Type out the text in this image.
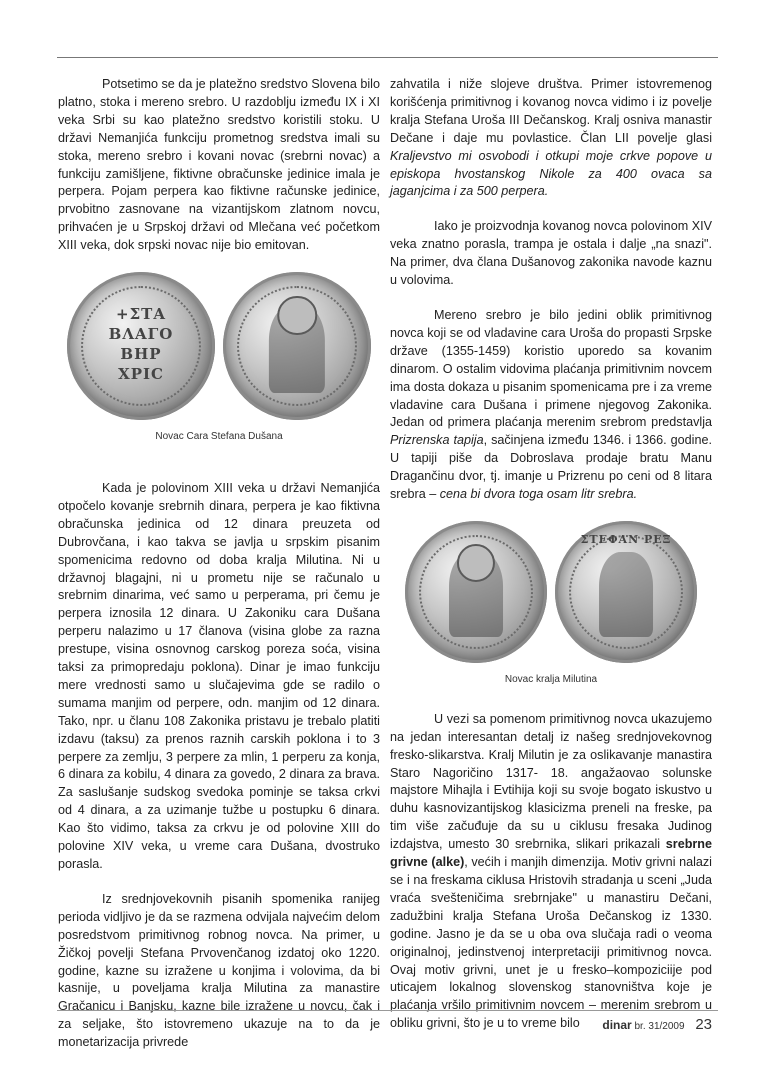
Potsetimo se da je platežno sredstvo Slovena bilo platno, stoka i mereno srebro. U razdoblju između IX i XI veka Srbi su kao platežno sredstvo koristili stoku. U državi Nemanjića funkciju prometnog sredstva imali su stoka, mereno srebro i kovani novac (srebrni novac) a funkciju zamišljene, fiktivne obračunske jedinice imala je perpera. Pojam perpera kao fiktivne računske jedinice, prvobitno zasnovane na vizantijskom zlatnom novcu, prihvaćen je u Srpskoj državi od Mlečana već početkom XIII veka, dok srpski novac nije bio emitovan.

+ΣΤΑ
ΒΛΑΓΟ
ΒΗΡ
ΧΡΙС
Novac Cara Stefana Dušana

Kada je polovinom XIII veka u državi Nemanjića otpočelo kovanje srebrnih dinara, perpera je kao fiktivna obračunska jedinica od 12 dinara preuzeta od Dubrovčana, i kao takva se javlja u srpskim pisanim spomenicima redovno od doba kralja Milutina. Ni u državnoj blagajni, ni u prometu nije se računalo u srebrnim dinarima, već samo u perperama, pri čemu je perpera iznosila 12 dinara. U Zakoniku cara Dušana perperu nalazimo u 17 članova (visina globe za razna prestupe, visina osnovnog carskog poreza soća, visina taksi za primopredaju poklona). Dinar je imao funkciju mere vrednosti samo u slučajevima gde se radilo o sumama manjim od perpere, odn. manjim od 12 dinara. Tako, npr. u članu 108 Zakonika pristavu je trebalo platiti izdavu (taksu) za prenos raznih carskih poklona i to 3 perpere za zemlju, 3 perpere za mlin, 1 perperu za konja, 6 dinara za kobilu, 4 dinara za govedo, 2 dinara za brava. Za saslušanje sudskog svedoka pominje se taksa crkvi od 4 dinara, a za uzimanje tužbe u postupku 6 dinara. Kao što vidimo, taksa za crkvu je od polovine XIII do polovine XIV veka, u vreme cara Dušana, dvostruko porasla.

Iz srednjovekovnih pisanih spomenika ranijeg perioda vidljivo je da se razmena odvijala najvećim delom posredstvom primitivnog robnog novca. Na primer, u Žičkoj povelji Stefana Prvovenčanog izdatoj oko 1220. godine, kazne su izražene u konjima i volovima, da bi kasnije, u poveljama kralja Milutina za manastire Gračanicu i Banjsku, kazne bile izražene u novcu, čak i za seljake, što istovremeno ukazuje na to da je monetarizacija privrede

zahvatila i niže slojeve društva. Primer istovremenog korišćenja primitivnog i kovanog novca vidimo i iz povelje kralja Stefana Uroša III Dečanskog. Kralj osniva manastir Dečane i daje mu povlastice. Član LII povelje glasi Kraljevstvo mi osvobodi i otkupi moje crkve popove u episkopa hvostanskog Nikole za 400 ovaca sa jaganjcima i za 500 perpera.

Iako je proizvodnja kovanog novca polovinom XIV veka znatno porasla, trampa je ostala i dalje „na snazi". Na primer, dva člana Dušanovog zakonika navode kaznu u volovima.

Mereno srebro je bilo jedini oblik primitivnog novca koji se od vladavine cara Uroša do propasti Srpske države (1355-1459) koristio uporedo sa kovanim dinarom. O ostalim vidovima plaćanja primitivnim novcem ima dosta dokaza u pisanim spomenicama pre i za vreme vladavine cara Dušana i primene njegovog Zakonika. Jedan od primera plaćanja merenim srebrom predstavlja Prizrenska tapija, sačinjena između 1346. i 1366. godine. U tapiji piše da Dobroslava prodaje bratu Manu Dragančinu dvor, tj. imanje u Prizrenu po ceni od 8 litara srebra – cena bi dvora toga osam litr srebra.

ΣΤΕΦΑΝ ΡΕΞ
Novac kralja Milutina

U vezi sa pomenom primitivnog novca ukazujemo na jedan interesantan detalj iz našeg srednjovekovnog fresko-slikarstva. Kralj Milutin je za oslikavanje manastira Staro Nagoričino 1317- 18. angažaovao solunske majstore Mihajla i Evtihija koji su svoje bogato iskustvo u duhu kasnovizantijskog klasicizma preneli na freske, pa tim više začuđuje da su u ciklusu fresaka Judinog izdajstva, umesto 30 srebrnika, slikari prikazali srebrne grivne (alke), većih i manjih dimenzija. Motiv grivni nalazi se i na freskama ciklusa Hristovih stradanja u sceni „Juda vraća svešteničima srebrnjake" u manastiru Dečani, zadužbini kralja Stefana Uroša Dečanskog iz 1330. godine. Jasno je da se u oba ova slučaja radi o veoma originalnoj, jedinstvenoj interpretaciji primitivnog novca. Ovaj motiv grivni, unet je u fresko–kompoziciije pod uticajem lokalnog slovenskog stanovništva koje je plaćanja vršilo primitivnim novcem – merenim srebrom u obliku grivni, što je u to vreme bilo	dinar br. 31/2009 23
